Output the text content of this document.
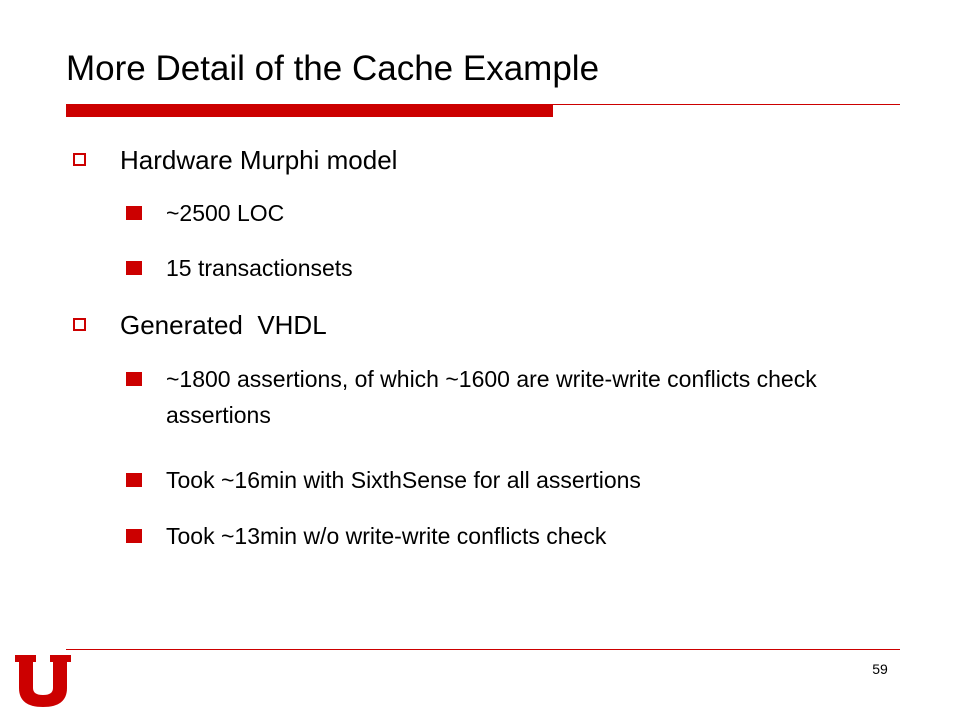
More Detail of the Cache Example
Hardware Murphi model
~2500 LOC
15 transactionsets
Generated  VHDL
~1800 assertions, of which ~1600 are write-write conflicts check assertions
Took ~16min with SixthSense for all assertions
Took ~13min w/o write-write conflicts check
59
